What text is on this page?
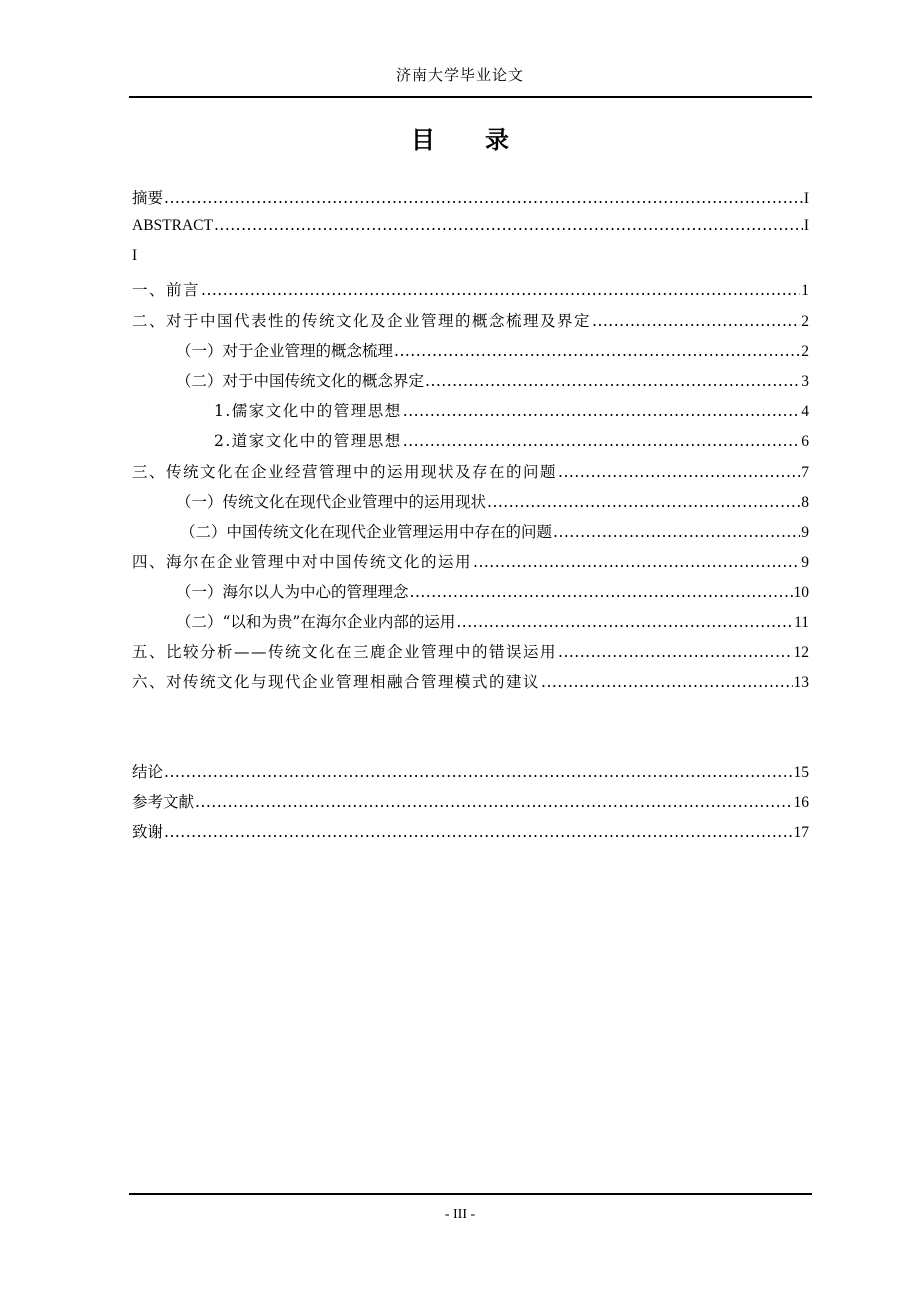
济南大学毕业论文
目 录
摘要 .....	I
ABSTRACT .....	I
I
一、前言 .....	1
二、对于中国代表性的传统文化及企业管理的概念梳理及界定 .....	2
（一）对于企业管理的概念梳理 .....	2
（二）对于中国传统文化的概念界定 .....	3
1.儒家文化中的管理思想 .....	4
2.道家文化中的管理思想 .....	6
三、传统文化在企业经营管理中的运用现状及存在的问题 .....	7
（一）传统文化在现代企业管理中的运用现状 .....	8
（二）中国传统文化在现代企业管理运用中存在的问题 .....	9
四、海尔在企业管理中对中国传统文化的运用 .....	9
（一）海尔以人为中心的管理理念 .....	10
（二）“以和为贵”在海尔企业内部的运用 .....	11
五、比较分析——传统文化在三鹿企业管理中的错误运用 .....	12
六、对传统文化与现代企业管理相融合管理模式的建议 .....	13
结论 .....	15
参考文献 .....	16
致谢 .....	17
- III -
